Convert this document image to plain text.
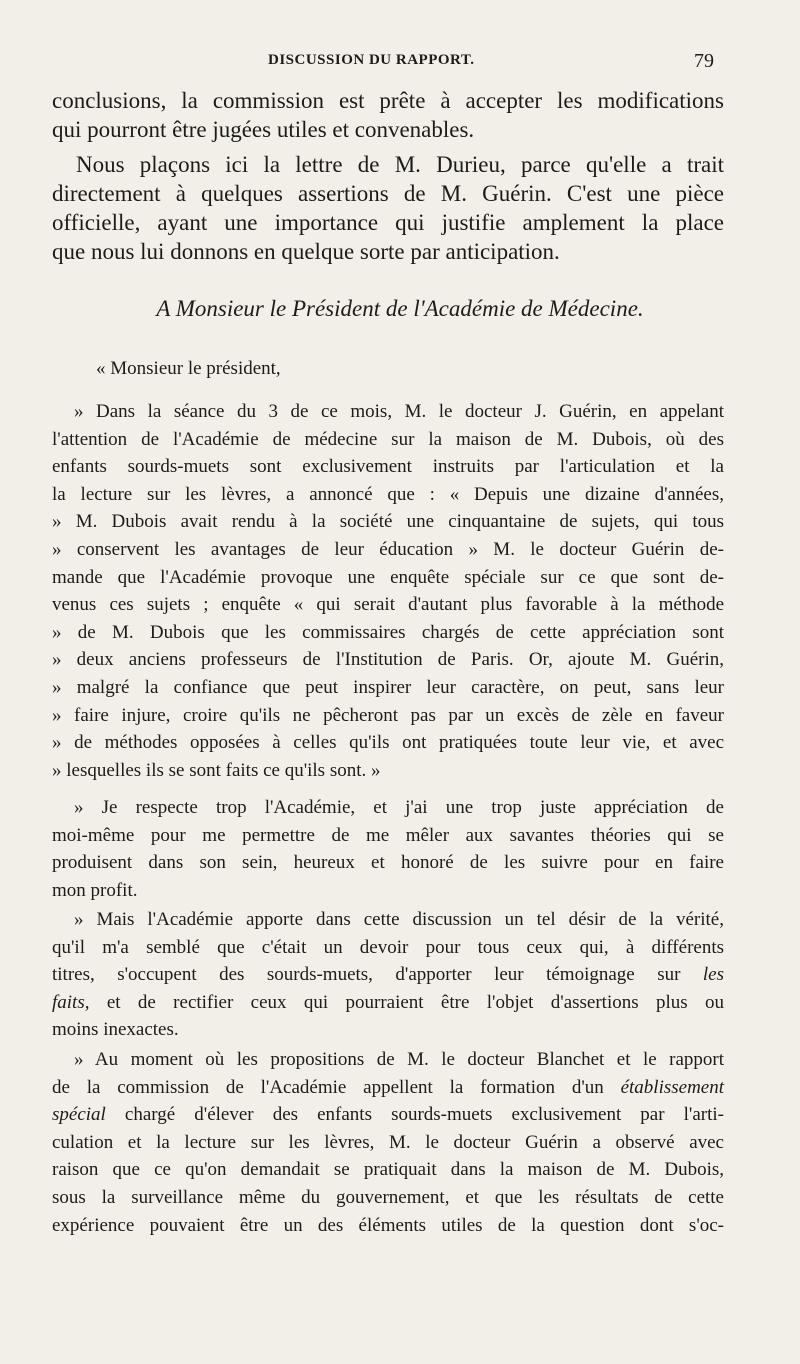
DISCUSSION DU RAPPORT.	79
conclusions, la commission est prête à accepter les modifications
qui pourront être jugées utiles et convenables.
Nous plaçons ici la lettre de M. Durieu, parce qu'elle a trait
directement à quelques assertions de M. Guérin. C'est une pièce
officielle, ayant une importance qui justifie amplement la place
que nous lui donnons en quelque sorte par anticipation.
A Monsieur le Président de l'Académie de Médecine.
« Monsieur le président,
» Dans la séance du 3 de ce mois, M. le docteur J. Guérin, en appelant
l'attention de l'Académie de médecine sur la maison de M. Dubois, où des
enfants sourds-muets sont exclusivement instruits par l'articulation et la
la lecture sur les lèvres, a annoncé que : « Depuis une dizaine d'années,
» M. Dubois avait rendu à la société une cinquantaine de sujets, qui tous
» conservent les avantages de leur éducation » M. le docteur Guérin de-
mande que l'Académie provoque une enquête spéciale sur ce que sont de-
venus ces sujets ; enquête « qui serait d'autant plus favorable à la méthode
» de M. Dubois que les commissaires chargés de cette appréciation sont
» deux anciens professeurs de l'Institution de Paris. Or, ajoute M. Guérin,
» malgré la confiance que peut inspirer leur caractère, on peut, sans leur
» faire injure, croire qu'ils ne pêcheront pas par un excès de zèle en faveur
» de méthodes opposées à celles qu'ils ont pratiquées toute leur vie, et avec
» lesquelles ils se sont faits ce qu'ils sont. »
» Je respecte trop l'Académie, et j'ai une trop juste appréciation de
moi-même pour me permettre de me mêler aux savantes théories qui se
produisent dans son sein, heureux et honoré de les suivre pour en faire
mon profit.
» Mais l'Académie apporte dans cette discussion un tel désir de la vérité,
qu'il m'a semblé que c'était un devoir pour tous ceux qui, à différents
titres, s'occupent des sourds-muets, d'apporter leur témoignage sur les
faits, et de rectifier ceux qui pourraient être l'objet d'assertions plus ou
moins inexactes.
» Au moment où les propositions de M. le docteur Blanchet et le rapport
de la commission de l'Académie appellent la formation d'un établissement
spécial chargé d'élever des enfants sourds-muets exclusivement par l'arti-
culation et la lecture sur les lèvres, M. le docteur Guérin a observé avec
raison que ce qu'on demandait se pratiquait dans la maison de M. Dubois,
sous la surveillance même du gouvernement, et que les résultats de cette
expérience pouvaient être un des éléments utiles de la question dont s'oc-
